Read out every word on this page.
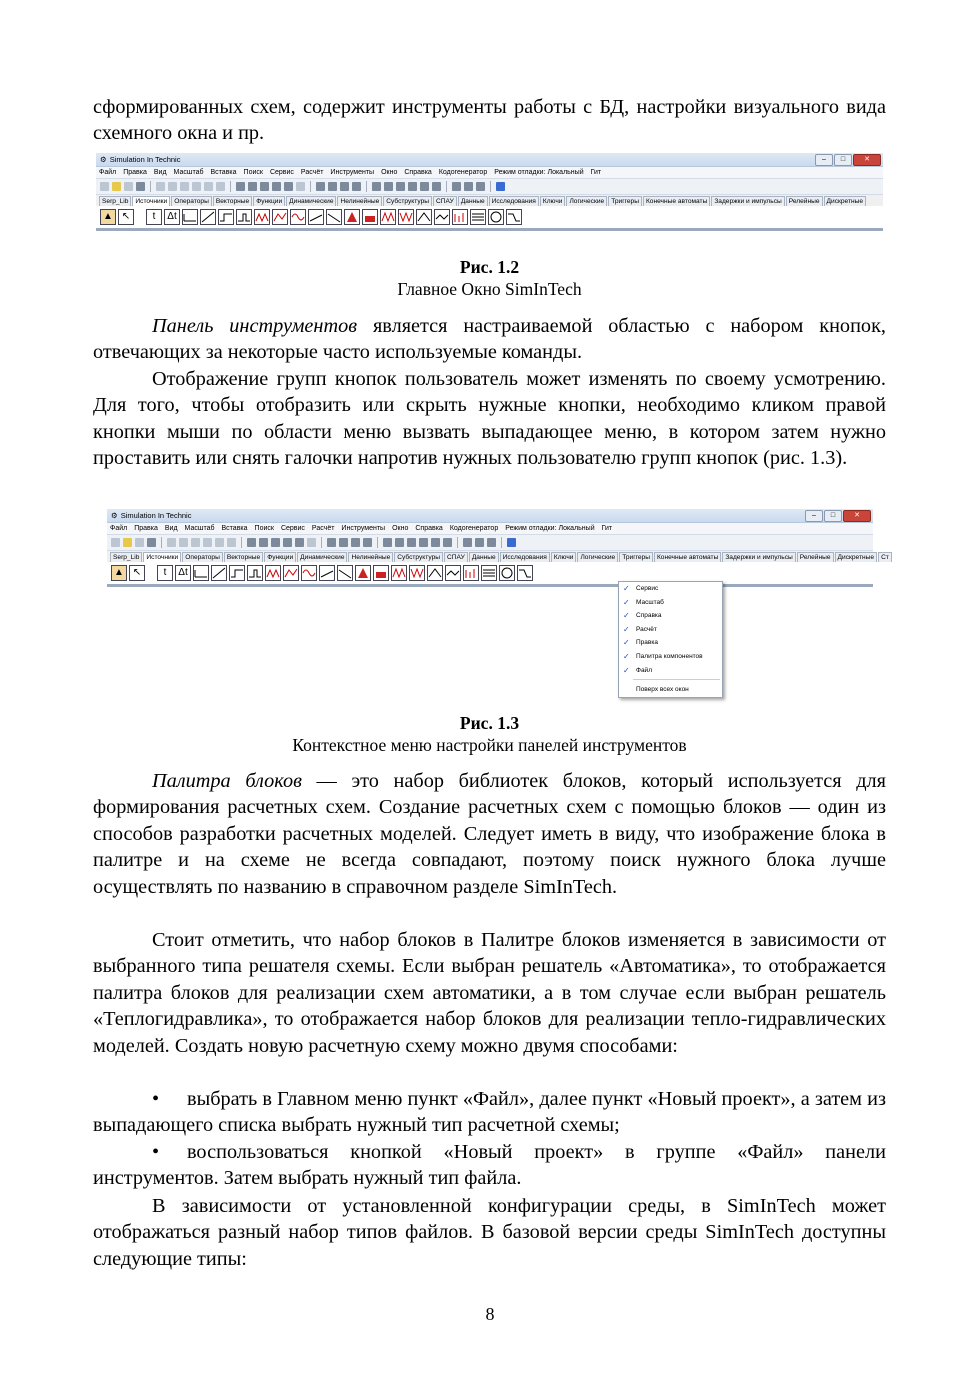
сформированных схем, содержит инструменты работы с БД, настройки визуального вида схемного окна и пр.

⚙ Simulation In Technic	–	□	✕
Файл Правка Вид Масштаб Вставка Поиск Сервис Расчёт Инструменты Окно Справка Кодогенератор Режим отладки: Локальный Гит
Serp_Lib	Источники	Операторы	Векторные	Функции	Динамические	Нелинейные	Субструктуры	СПАУ	Данные	Исследования	Ключи	Логические	Триггеры	Конечные автоматы	Задержки и импульсы	Релейные	Дискретные
▲ ↖	t	Δt
Рис. 1.2
Главное Окно SimInTech

Панель инструментов является настраиваемой областью с набором кнопок, отвечающих за некоторые часто используемые команды.

Отображение групп кнопок пользователь может изменять по своему усмотрению. Для того, чтобы отобразить или скрыть нужные кнопки, необходимо кликом правой кнопки мыши по области меню вызвать выпадающее меню, в котором затем нужно проставить или снять галочки напротив нужных пользователю групп кнопок (рис. 1.3).

⚙ Simulation In Technic	–	□	✕
Файл Правка Вид Масштаб Вставка Поиск Сервис Расчёт Инструменты Окно Справка Кодогенератор Режим отладки: Локальный Гит
Serp_Lib	Источники	Операторы	Векторные	Функции	Динамические	Нелинейные	Субструктуры	СПАУ	Данные	Исследования	Ключи	Логические	Триггеры	Конечные автоматы	Задержки и импульсы	Релейные	Дискретные	Ст
▲ ↖	t	Δt
✓ Сервис
✓ Масштаб
✓ Справка
✓ Расчёт
✓ Правка
✓ Палитра компонентов
✓ Файл
Поверх всех окон
Рис. 1.3
Контекстное меню настройки панелей инструментов

Палитра блоков — это набор библиотек блоков, который используется для формирования расчетных схем. Создание расчетных схем с помощью блоков — один из способов разработки расчетных моделей. Следует иметь в виду, что изображение блока в палитре и на схеме не всегда совпадают, поэтому поиск нужного блока лучше осуществлять по названию в справочном разделе SimInTech.

Стоит отметить, что набор блоков в Палитре блоков изменяется в зависимости от выбранного типа решателя схемы. Если выбран решатель «Автоматика», то отображается палитра блоков для реализации схем автоматики, а в том случае если выбран решатель «Теплогидравлика», то отображается набор блоков для реализации тепло-гидравлических моделей. Создать новую расчетную схему можно двумя способами:

• выбрать в Главном меню пункт «Файл», далее пункт «Новый проект», а затем из выпадающего списка выбрать нужный тип расчетной схемы;

• воспользоваться кнопкой «Новый проект» в группе «Файл» панели инструментов. Затем выбрать нужный тип файла.

В зависимости от установленной конфигурации среды, в SimInTech может отображаться разный набор типов файлов. В базовой версии среды SimInTech доступны следующие типы:

8
